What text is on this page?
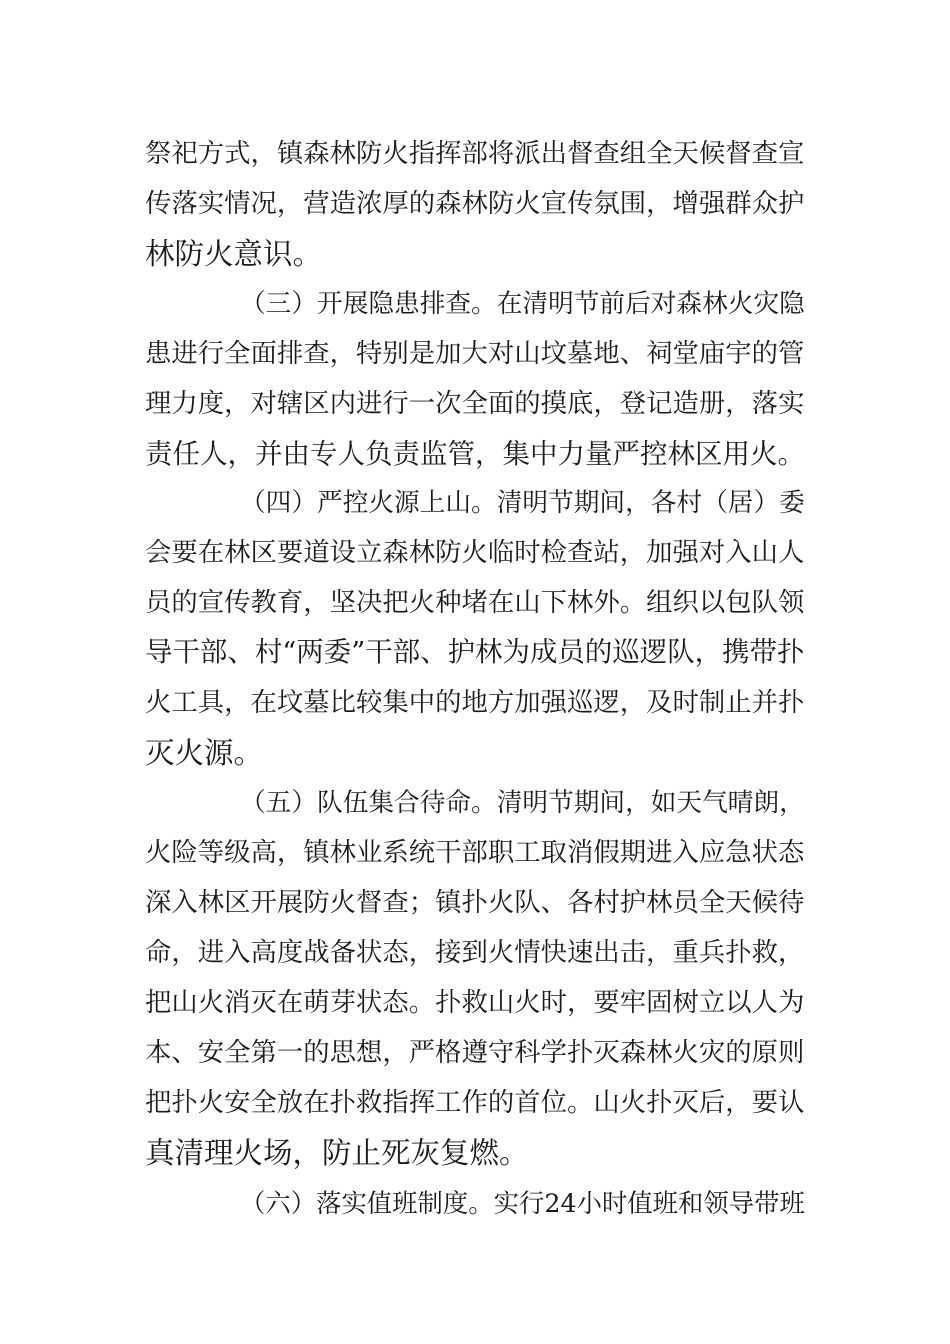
祭祀方式，镇森林防火指挥部将派出督查组全天候督查宣
传落实情况，营造浓厚的森林防火宣传氛围，增强群众护
林防火意识。
（三）开展隐患排查。在清明节前后对森林火灾隐
患进行全面排查，特别是加大对山坟墓地、祠堂庙宇的管
理力度，对辖区内进行一次全面的摸底，登记造册，落实
责任人，并由专人负责监管，集中力量严控林区用火。
（四）严控火源上山。清明节期间，各村（居）委
会要在林区要道设立森林防火临时检查站，加强对入山人
员的宣传教育，坚决把火种堵在山下林外。组织以包队领
导干部、村“两委”干部、护林为成员的巡逻队，携带扑
火工具，在坟墓比较集中的地方加强巡逻，及时制止并扑
灭火源。
（五）队伍集合待命。清明节期间，如天气晴朗，
火险等级高，镇林业系统干部职工取消假期进入应急状态
深入林区开展防火督查；镇扑火队、各村护林员全天候待
命，进入高度战备状态，接到火情快速出击，重兵扑救，
把山火消灭在萌芽状态。扑救山火时，要牢固树立以人为
本、安全第一的思想，严格遵守科学扑灭森林火灾的原则
把扑火安全放在扑救指挥工作的首位。山火扑灭后，要认
真清理火场，防止死灰复燃。
（六）落实值班制度。实行24小时值班和领导带班
